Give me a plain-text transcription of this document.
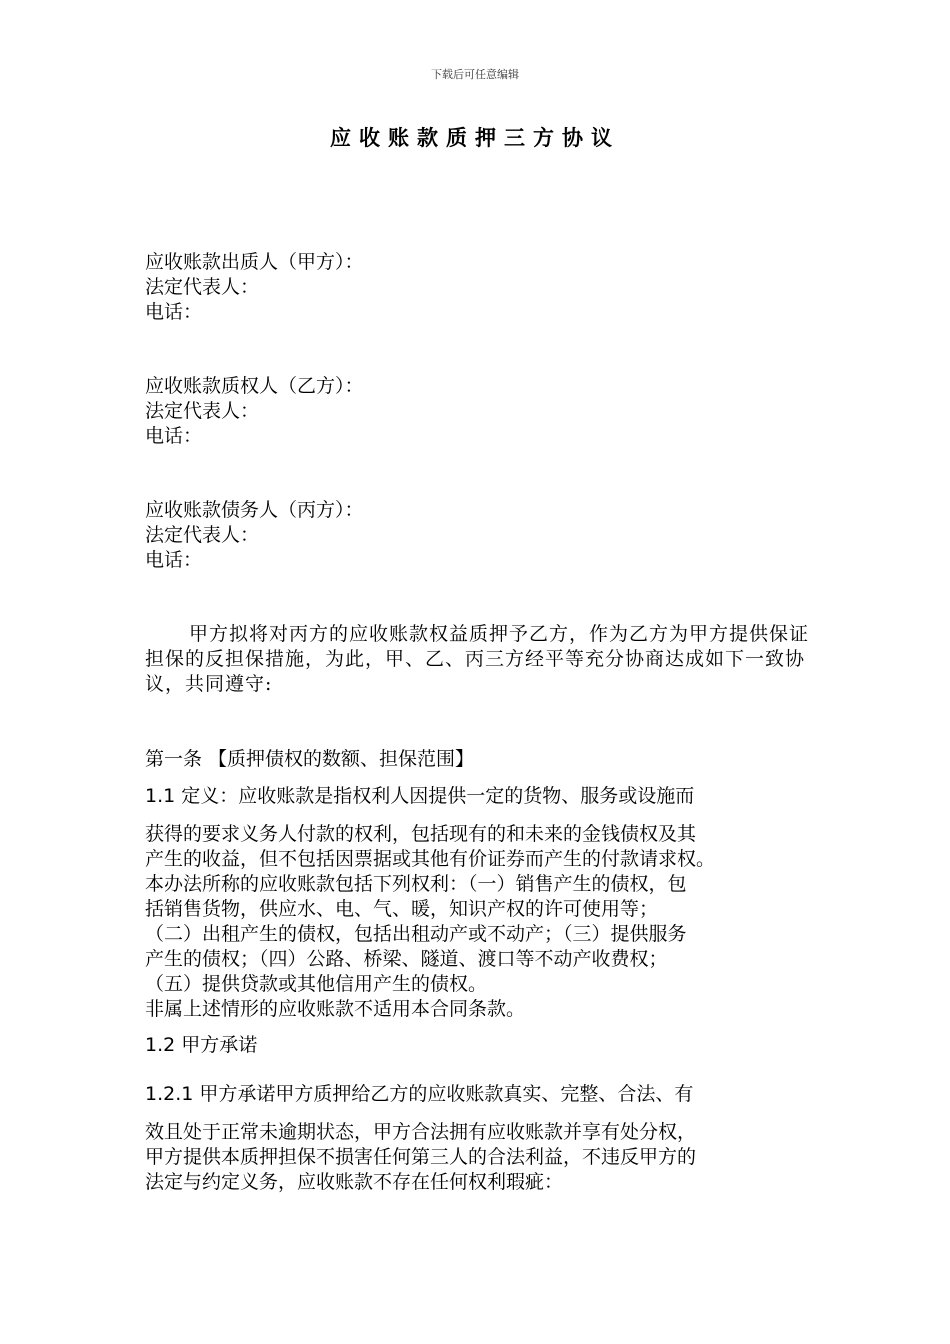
下载后可任意编辑
应收账款质押三方协议
应收账款出质人（甲方）：
法定代表人：
电话：
应收账款质权人（乙方）：
法定代表人：
电话：
应收账款债务人（丙方）：
法定代表人：
电话：
甲方拟将对丙方的应收账款权益质押予乙方，作为乙方为甲方提供保证担保的反担保措施，为此，甲、乙、丙三方经平等充分协商达成如下一致协议，共同遵守:
第一条 【质押债权的数额、担保范围】
1.1 定义：应收账款是指权利人因提供一定的货物、服务或设施而
获得的要求义务人付款的权利，包括现有的和未来的金钱债权及其
产生的收益，但不包括因票据或其他有价证券而产生的付款请求权。
本办法所称的应收账款包括下列权利：（一）销售产生的债权，包
括销售货物，供应水、电、气、暖，知识产权的许可使用等；
（二）出租产生的债权，包括出租动产或不动产；（三）提供服务
产生的债权；（四）公路、桥梁、隧道、渡口等不动产收费权；
（五）提供贷款或其他信用产生的债权。
非属上述情形的应收账款不适用本合同条款。
1.2 甲方承诺
1.2.1 甲方承诺甲方质押给乙方的应收账款真实、完整、合法、有
效且处于正常未逾期状态，甲方合法拥有应收账款并享有处分权，
甲方提供本质押担保不损害任何第三人的合法利益，不违反甲方的
法定与约定义务，应收账款不存在任何权利瑕疵：
